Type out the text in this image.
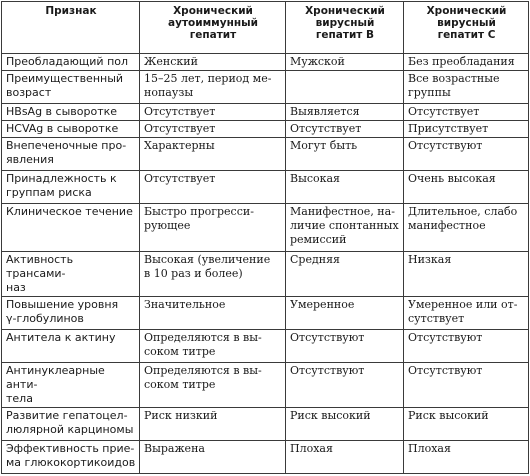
Признак	Хронический
аутоиммунный
гепатит	Хронический
вирусный
гепатит B	Хронический
вирусный
гепатит C
Преобладающий пол	Женский	Мужской	Без преобладания
Преимущественный
возраст	15–25 лет, период ме-
нопаузы		Все возрастные
группы
HBsAg в сыворотке	Отсутствует	Выявляется	Отсутствует
HCVAg в сыворотке	Отсутствует	Отсутствует	Присутствует
Внепеченочные про-
явления	Характерны	Могут быть	Отсутствуют
Принадлежность к
группам риска	Отсутствует	Высокая	Очень высокая
Клиническое течение	Быстро прогресси-
рующее	Манифестное, на-
личие спонтанных
ремиссий	Длительное, слабо
манифестное
Активность трансами-
наз	Высокая (увеличение
в 10 раз и более)	Средняя	Низкая
Повышение уровня
γ-глобулинов	Значительное	Умеренное	Умеренное или от-
сутствует
Антитела к актину	Определяются в вы-
соком титре	Отсутствуют	Отсутствуют
Антинуклеарные анти-
тела	Определяются в вы-
соком титре	Отсутствуют	Отсутствуют
Развитие гепатоцел-
люлярной карциномы	Риск низкий	Риск высокий	Риск высокий
Эффективность прие-
ма глюкокортикоидов	Выражена	Плохая	Плохая
